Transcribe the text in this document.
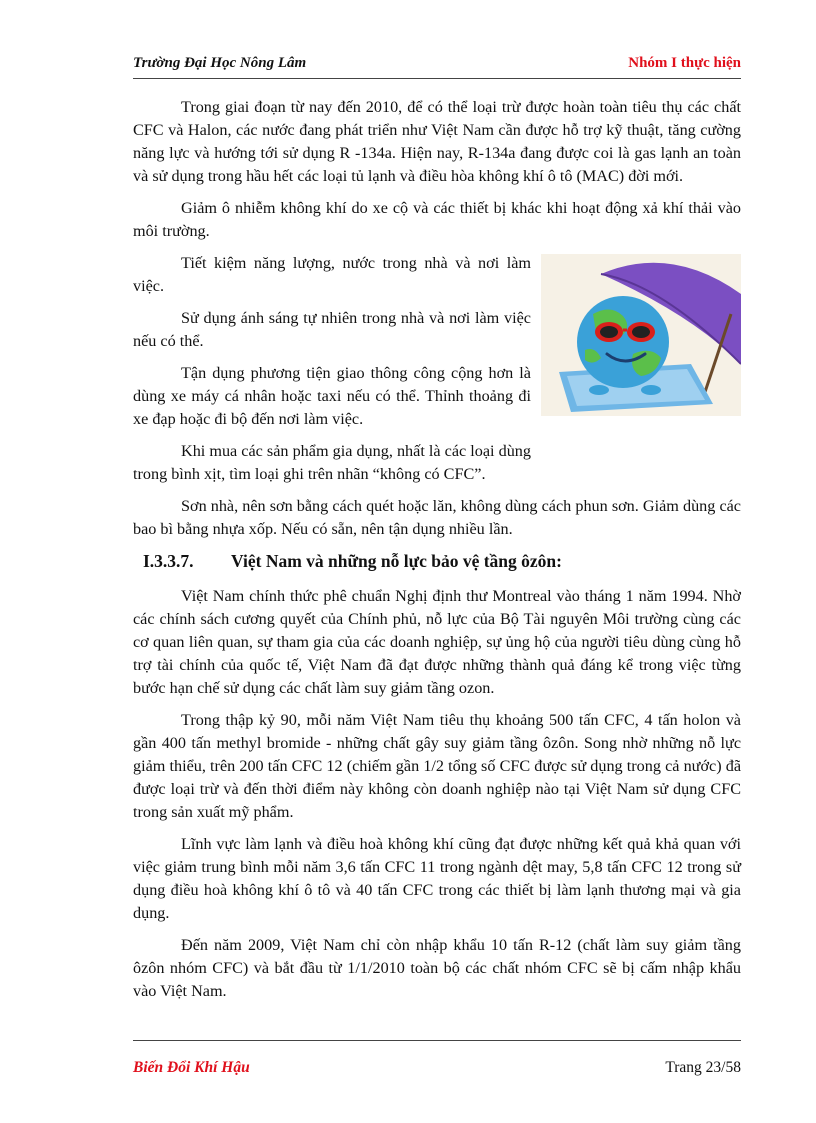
Trường Đại Học Nông Lâm	Nhóm I thực hiện

Trong giai đoạn từ nay đến 2010, để có thể loại trừ được hoàn toàn tiêu thụ các chất CFC và Halon, các nước đang phát triển như Việt Nam cần được hỗ trợ kỹ thuật, tăng cường năng lực và hướng tới sử dụng R -134a. Hiện nay, R-134a đang được coi là gas lạnh an toàn và sử dụng trong hầu hết các loại tủ lạnh và điều hòa không khí ô tô (MAC) đời mới.

Giảm ô nhiễm không khí do xe cộ và các thiết bị khác khi hoạt động xả khí thải vào môi trường.

Tiết kiệm năng lượng, nước trong nhà và nơi làm việc.

Sử dụng ánh sáng tự nhiên trong nhà và nơi làm việc nếu có thể.

Tận dụng phương tiện giao thông công cộng hơn là dùng xe máy cá nhân hoặc taxi nếu có thể. Thỉnh thoảng đi xe đạp hoặc đi bộ đến nơi làm việc.

Khi mua các sản phẩm gia dụng, nhất là các loại dùng trong bình xịt, tìm loại ghi trên nhãn “không có CFC”.

Sơn nhà, nên sơn bằng cách quét hoặc lăn, không dùng cách phun sơn. Giảm dùng các bao bì bằng nhựa xốp. Nếu có sẵn, nên tận dụng nhiều lần.

I.3.3.7. Việt Nam và những nỗ lực bảo vệ tầng ôzôn:

Việt Nam chính thức phê chuẩn Nghị định thư Montreal vào tháng 1 năm 1994. Nhờ các chính sách cương quyết của Chính phủ, nỗ lực của Bộ Tài nguyên Môi trường cùng các cơ quan liên quan, sự tham gia của các doanh nghiệp, sự ủng hộ của người tiêu dùng cùng hỗ trợ tài chính của quốc tế, Việt Nam đã đạt được những thành quả đáng kể trong việc từng bước hạn chế sử dụng các chất làm suy giảm tầng ozon.

Trong thập kỷ 90, mỗi năm Việt Nam tiêu thụ khoảng 500 tấn CFC, 4 tấn holon và gần 400 tấn methyl bromide - những chất gây suy giảm tầng ôzôn. Song nhờ những nỗ lực giảm thiểu, trên 200 tấn CFC 12 (chiếm gần 1/2 tổng số CFC được sử dụng trong cả nước) đã được loại trừ và đến thời điểm này không còn doanh nghiệp nào tại Việt Nam sử dụng CFC trong sản xuất mỹ phẩm.

Lĩnh vực làm lạnh và điều hoà không khí cũng đạt được những kết quả khả quan với việc giảm trung bình mỗi năm 3,6 tấn CFC 11 trong ngành dệt may, 5,8 tấn CFC 12 trong sử dụng điều hoà không khí ô tô và 40 tấn CFC trong các thiết bị làm lạnh thương mại và gia dụng.

Đến năm 2009, Việt Nam chỉ còn nhập khẩu 10 tấn R-12 (chất làm suy giảm tầng ôzôn nhóm CFC) và bắt đầu từ 1/1/2010 toàn bộ các chất nhóm CFC sẽ bị cấm nhập khẩu vào Việt Nam.

Biến Đổi Khí Hậu	Trang 23/58
